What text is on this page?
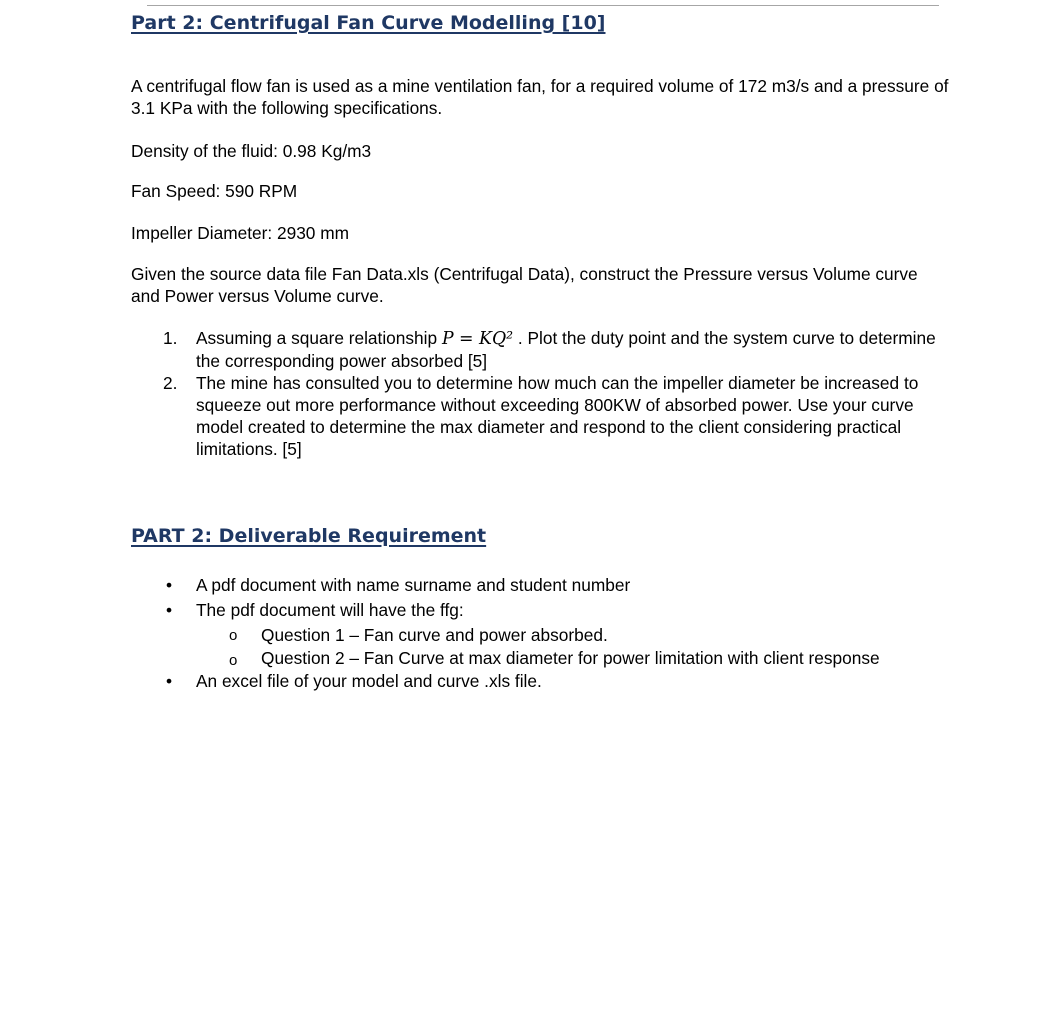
Part 2: Centrifugal Fan Curve Modelling [10]

A centrifugal flow fan is used as a mine ventilation fan, for a required volume of 172 m3/s and a pressure of 3.1 KPa with the following specifications.

Density of the fluid: 0.98 Kg/m3

Fan Speed: 590 RPM

Impeller Diameter: 2930 mm

Given the source data file Fan Data.xls (Centrifugal Data), construct the Pressure versus Volume curve and Power versus Volume curve.

1. Assuming a square relationship P = KQ² . Plot the duty point and the system curve to determine the corresponding power absorbed [5]
2. The mine has consulted you to determine how much can the impeller diameter be increased to squeeze out more performance without exceeding 800KW of absorbed power. Use your curve model created to determine the max diameter and respond to the client considering practical limitations. [5]
PART 2: Deliverable Requirement
• A pdf document with name surname and student number
• The pdf document will have the ffg:
o Question 1 – Fan curve and power absorbed.
o Question 2 – Fan Curve at max diameter for power limitation with client response
• An excel file of your model and curve .xls file.
